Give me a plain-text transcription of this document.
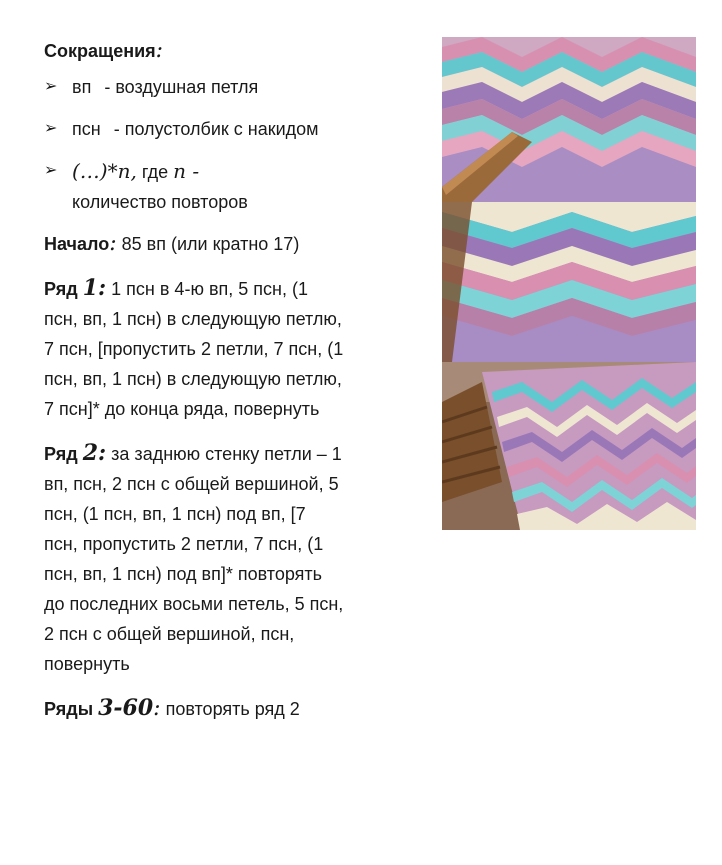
Сокращения:
➢ вп - воздушная петля
➢ псн - полустолбик с накидом
➢ (…)*n, где n -
количество повторов

Начало: 85 вп (или кратно 17)

Ряд 1: 1 псн в 4-ю вп, 5 псн, (1 псн, вп, 1 псн) в следующую петлю, 7 псн, [пропустить 2 петли, 7 псн, (1 псн, вп, 1 псн) в следующую петлю, 7 псн]* до конца ряда, повернуть

Ряд 2: за заднюю стенку петли – 1 вп, псн, 2 псн с общей вершиной, 5 псн, (1 псн, вп, 1 псн) под вп, [7 псн, пропустить 2 петли, 7 псн, (1 псн, вп, 1 псн) под вп]* повторять до последних восьми петель, 5 псн, 2 псн с общей вершиной, псн, повернуть

Ряды 3-60: повторять ряд 2
